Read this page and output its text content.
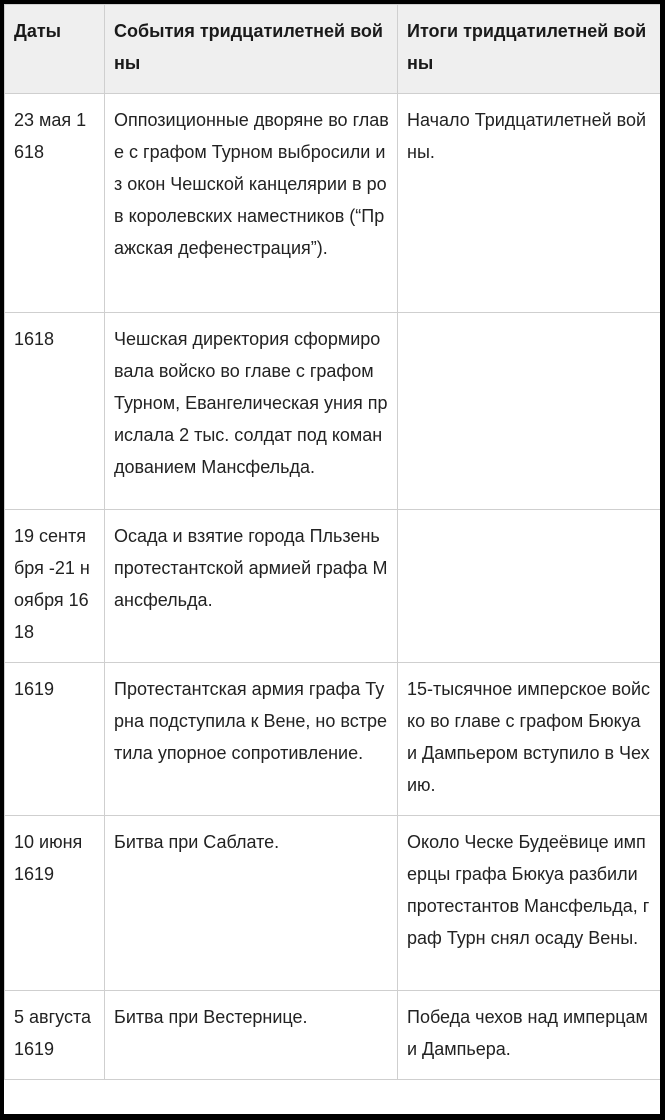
Даты	События тридцатилетней войны	Итоги тридцатилетней войны
23 мая 1618	Оппозиционные дворяне во главе с графом Турном выбросили из окон Чешской канцелярии в ров королевских наместников (“Пражская дефенестрация”).	Начало Тридцатилетней войны.
1618	Чешская директория сформировала войско во главе с графом Турном, Евангелическая уния прислала 2 тыс. солдат под командованием Мансфельда.	
19 сентября -21 ноября 1618	Осада и взятие города Пльзень протестантской армией графа Мансфельда.	
1619	Протестантская армия графа Турна подступила к Вене, но встретила упорное сопротивление.	15-тысячное имперское войско во главе с графом Бюкуа и Дампьером вступило в Чехию.
10 июня 1619	Битва при Саблате.	Около Ческе Будеёвице имперцы графа Бюкуа разбили протестантов Мансфельда, граф Турн снял осаду Вены.
5 августа 1619	Битва при Вестернице.	Победа чехов над имперцами Дампьера.
